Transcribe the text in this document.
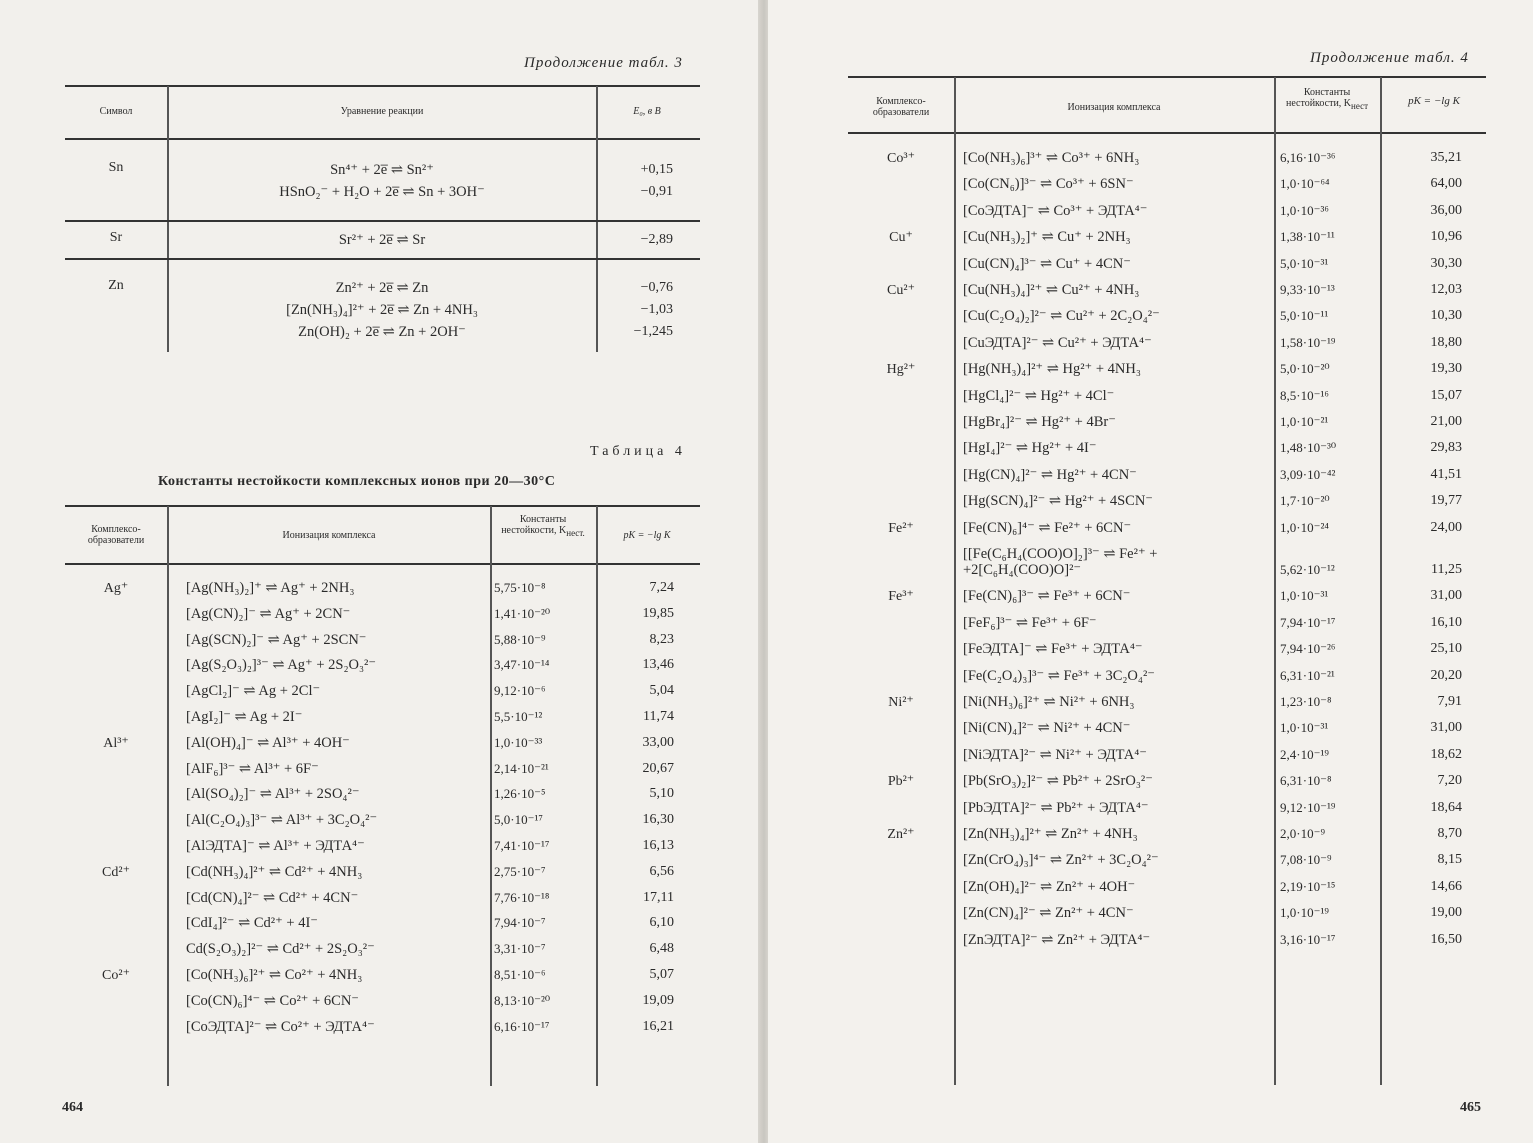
Продолжение табл. 3
Символ	Уравнение реакции	E₀, в В
Sn	Sn⁴⁺ + 2e̅ ⇌ Sn²⁺	+0,15
HSnO₂⁻ + H₂O + 2e̅ ⇌ Sn + 3OH⁻	−0,91
Sr	Sr²⁺ + 2e̅ ⇌ Sr	−2,89
Zn	Zn²⁺ + 2e̅ ⇌ Zn	−0,76
[Zn(NH₃)₄]²⁺ + 2e̅ ⇌ Zn + 4NH₃	−1,03
Zn(OH)₂ + 2e̅ ⇌ Zn + 2OH⁻	−1,245
Таблица 4
Константы нестойкости комплексных ионов при 20—30°С
Комплексо-образователи	Ионизация комплекса
Константы нестойкости, $K_{нест.}$	pK = −lg K
Ag⁺	[Ag(NH₃)₂]⁺ ⇌ Ag⁺ + 2NH₃	5,75·10⁻⁸	7,24
[Ag(CN)₂]⁻ ⇌ Ag⁺ + 2CN⁻	1,41·10⁻²⁰	19,85
[Ag(SCN)₂]⁻ ⇌ Ag⁺ + 2SCN⁻	5,88·10⁻⁹	8,23
[Ag(S₂O₃)₂]³⁻ ⇌ Ag⁺ + 2S₂O₃²⁻	3,47·10⁻¹⁴	13,46
[AgCl₂]⁻ ⇌ Ag + 2Cl⁻	9,12·10⁻⁶	5,04
[AgI₂]⁻ ⇌ Ag + 2I⁻	5,5·10⁻¹²	11,74
Al³⁺	[Al(OH)₄]⁻ ⇌ Al³⁺ + 4OH⁻	1,0·10⁻³³	33,00
[AlF₆]³⁻ ⇌ Al³⁺ + 6F⁻	2,14·10⁻²¹	20,67
[Al(SO₄)₂]⁻ ⇌ Al³⁺ + 2SO₄²⁻	1,26·10⁻⁵	5,10
[Al(C₂O₄)₃]³⁻ ⇌ Al³⁺ + 3C₂O₄²⁻	5,0·10⁻¹⁷	16,30
[AlЭДТА]⁻ ⇌ Al³⁺ + ЭДТА⁴⁻	7,41·10⁻¹⁷	16,13
Cd²⁺	[Cd(NH₃)₄]²⁺ ⇌ Cd²⁺ + 4NH₃	2,75·10⁻⁷	6,56
[Cd(CN)₄]²⁻ ⇌ Cd²⁺ + 4CN⁻	7,76·10⁻¹⁸	17,11
[CdI₄]²⁻ ⇌ Cd²⁺ + 4I⁻	7,94·10⁻⁷	6,10
Cd(S₂O₃)₂]²⁻ ⇌ Cd²⁺ + 2S₂O₃²⁻	3,31·10⁻⁷	6,48
Co²⁺	[Co(NH₃)₆]²⁺ ⇌ Co²⁺ + 4NH₃	8,51·10⁻⁶	5,07
[Co(CN)₆]⁴⁻ ⇌ Co²⁺ + 6CN⁻	8,13·10⁻²⁰	19,09
[CoЭДТА]²⁻ ⇌ Co²⁺ + ЭДТА⁴⁻	6,16·10⁻¹⁷	16,21
464
Продолжение табл. 4
Комплексо-образователи	Ионизация комплекса
Константы нестойкости, $K_{нест}$	pK = −lg K
Co³⁺	[Co(NH₃)₆]³⁺ ⇌ Co³⁺ + 6NH₃	6,16·10⁻³⁶	35,21
[Co(CN₆)]³⁻ ⇌ Co³⁺ + 6SN⁻	1,0·10⁻⁶⁴	64,00
[CoЭДТА]⁻ ⇌ Co³⁺ + ЭДТА⁴⁻	1,0·10⁻³⁶	36,00
Cu⁺	[Cu(NH₃)₂]⁺ ⇌ Cu⁺ + 2NH₃	1,38·10⁻¹¹	10,96
[Cu(CN)₄]³⁻ ⇌ Cu⁺ + 4CN⁻	5,0·10⁻³¹	30,30
Cu²⁺	[Cu(NH₃)₄]²⁺ ⇌ Cu²⁺ + 4NH₃	9,33·10⁻¹³	12,03
[Cu(C₂O₄)₂]²⁻ ⇌ Cu²⁺ + 2C₂O₄²⁻	5,0·10⁻¹¹	10,30
[CuЭДТА]²⁻ ⇌ Cu²⁺ + ЭДТА⁴⁻	1,58·10⁻¹⁹	18,80
Hg²⁺	[Hg(NH₃)₄]²⁺ ⇌ Hg²⁺ + 4NH₃	5,0·10⁻²⁰	19,30
[HgCl₄]²⁻ ⇌ Hg²⁺ + 4Cl⁻	8,5·10⁻¹⁶	15,07
[HgBr₄]²⁻ ⇌ Hg²⁺ + 4Br⁻	1,0·10⁻²¹	21,00
[HgI₄]²⁻ ⇌ Hg²⁺ + 4I⁻	1,48·10⁻³⁰	29,83
[Hg(CN)₄]²⁻ ⇌ Hg²⁺ + 4CN⁻	3,09·10⁻⁴²	41,51
[Hg(SCN)₄]²⁻ ⇌ Hg²⁺ + 4SCN⁻	1,7·10⁻²⁰	19,77
Fe²⁺	[Fe(CN)₆]⁴⁻ ⇌ Fe²⁺ + 6CN⁻	1,0·10⁻²⁴	24,00
[[Fe(C₆H₄(COO)O]₂]³⁻ ⇌ Fe²⁺ + +2[C₆H₄(COO)O]²⁻	5,62·10⁻¹²	11,25
Fe³⁺	[Fe(CN)₆]³⁻ ⇌ Fe³⁺ + 6CN⁻	1,0·10⁻³¹	31,00
[FeF₆]³⁻ ⇌ Fe³⁺ + 6F⁻	7,94·10⁻¹⁷	16,10
[FeЭДТА]⁻ ⇌ Fe³⁺ + ЭДТА⁴⁻	7,94·10⁻²⁶	25,10
[Fe(C₂O₄)₃]³⁻ ⇌ Fe³⁺ + 3C₂O₄²⁻	6,31·10⁻²¹	20,20
Ni²⁺	[Ni(NH₃)₆]²⁺ ⇌ Ni²⁺ + 6NH₃	1,23·10⁻⁸	7,91
[Ni(CN)₄]²⁻ ⇌ Ni²⁺ + 4CN⁻	1,0·10⁻³¹	31,00
[NiЭДТА]²⁻ ⇌ Ni²⁺ + ЭДТА⁴⁻	2,4·10⁻¹⁹	18,62
Pb²⁺	[Pb(SrO₃)₂]²⁻ ⇌ Pb²⁺ + 2SrO₃²⁻	6,31·10⁻⁸	7,20
[PbЭДТА]²⁻ ⇌ Pb²⁺ + ЭДТА⁴⁻	9,12·10⁻¹⁹	18,64
Zn²⁺	[Zn(NH₃)₄]²⁺ ⇌ Zn²⁺ + 4NH₃	2,0·10⁻⁹	8,70
[Zn(CrO₄)₃]⁴⁻ ⇌ Zn²⁺ + 3C₂O₄²⁻	7,08·10⁻⁹	8,15
[Zn(OH)₄]²⁻ ⇌ Zn²⁺ + 4OH⁻	2,19·10⁻¹⁵	14,66
[Zn(CN)₄]²⁻ ⇌ Zn²⁺ + 4CN⁻	1,0·10⁻¹⁹	19,00
[ZnЭДТА]²⁻ ⇌ Zn²⁺ + ЭДТА⁴⁻	3,16·10⁻¹⁷	16,50
465
